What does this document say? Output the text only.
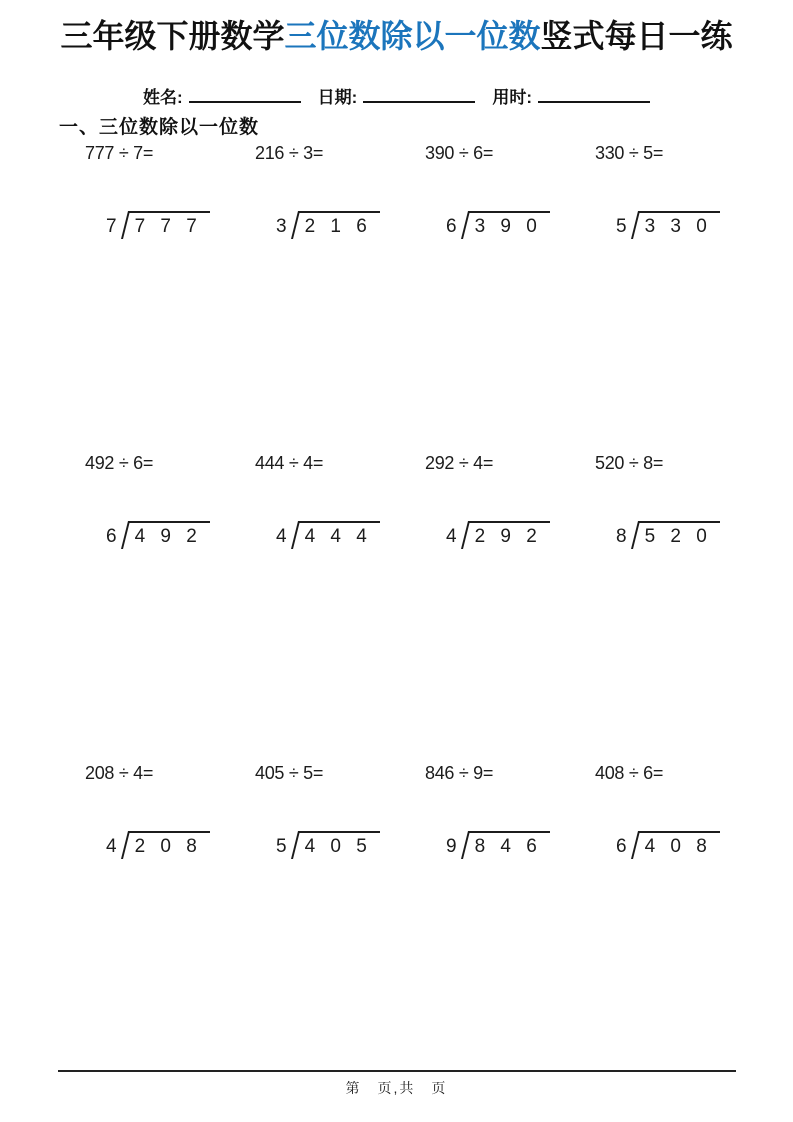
三年级下册数学三位数除以一位数竖式每日一练
姓名:	日期:	用时:
一、三位数除以一位数
777 ÷ 7=
7 7 7 7
216 ÷ 3=
3 2 1 6
390 ÷ 6=
6 3 9 0
330 ÷ 5=
5 3 3 0
492 ÷ 6=
6 4 9 2
444 ÷ 4=
4 4 4 4
292 ÷ 4=
4 2 9 2
520 ÷ 8=
8 5 2 0
208 ÷ 4=
4 2 0 8
405 ÷ 5=
5 4 0 5
846 ÷ 9=
9 8 4 6
408 ÷ 6=
6 4 0 8
第　页,共　页
